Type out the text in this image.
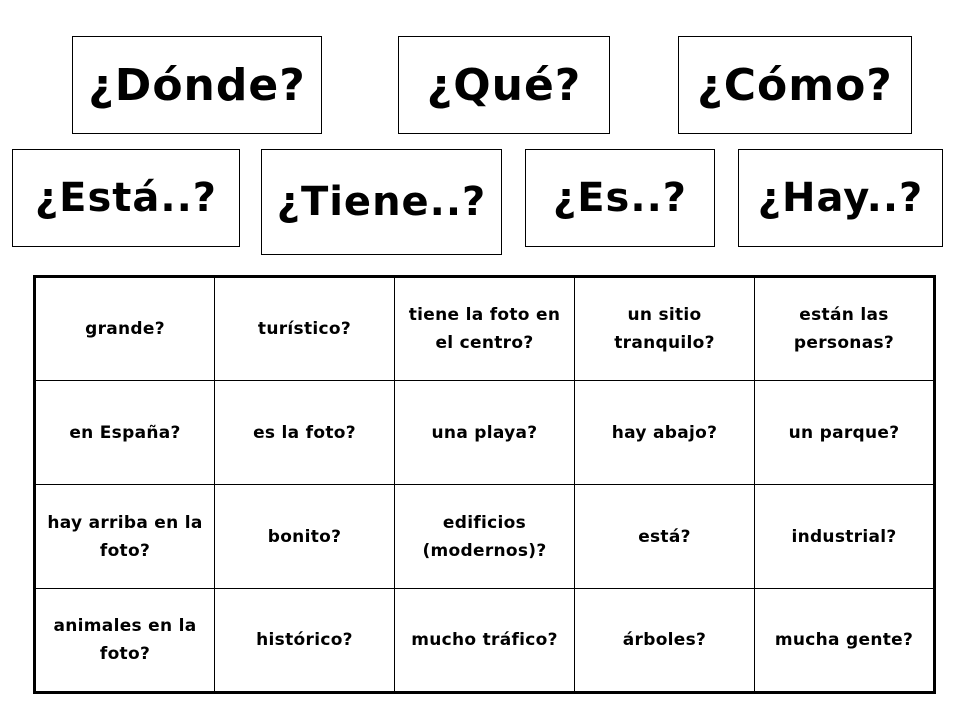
¿Dónde?	¿Qué?	¿Cómo?
¿Está..? ¿Tiene..? ¿Es..? ¿Hay..?
grande?	turístico?	tiene la foto en el centro?	un sitio tranquilo?	están las personas?
en España?	es la foto?	una playa?	hay abajo?	un parque?
hay arriba en la foto?	bonito?	edificios (modernos)?	está?	industrial?
animales en la foto?	histórico?	mucho tráfico?	árboles?	mucha gente?
